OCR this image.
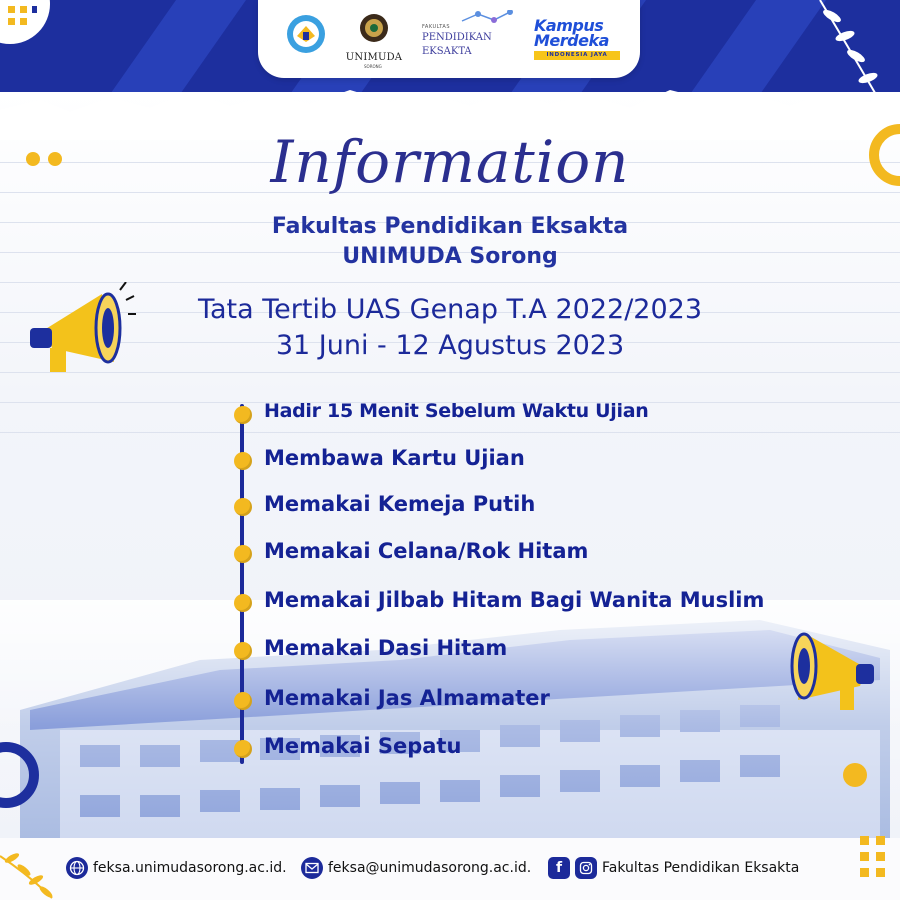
UNIMUDA
SORONG
FAKULTAS
PENDIDIKAN
EKSAKTA
Kampus
Merdeka
INDONESIA JAYA
Information
Fakultas Pendidikan Eksakta
UNIMUDA Sorong
Tata Tertib UAS Genap T.A 2022/2023
31 Juni - 12 Agustus 2023
Hadir 15 Menit Sebelum Waktu Ujian
Membawa Kartu Ujian
Memakai Kemeja Putih
Memakai Celana/Rok Hitam
Memakai Jilbab Hitam Bagi Wanita Muslim
Memakai Dasi Hitam
Memakai Jas Almamater
Memakai Sepatu
feksa.unimudasorong.ac.id.	feksa@unimudasorong.ac.id.	f	Fakultas Pendidikan Eksakta
